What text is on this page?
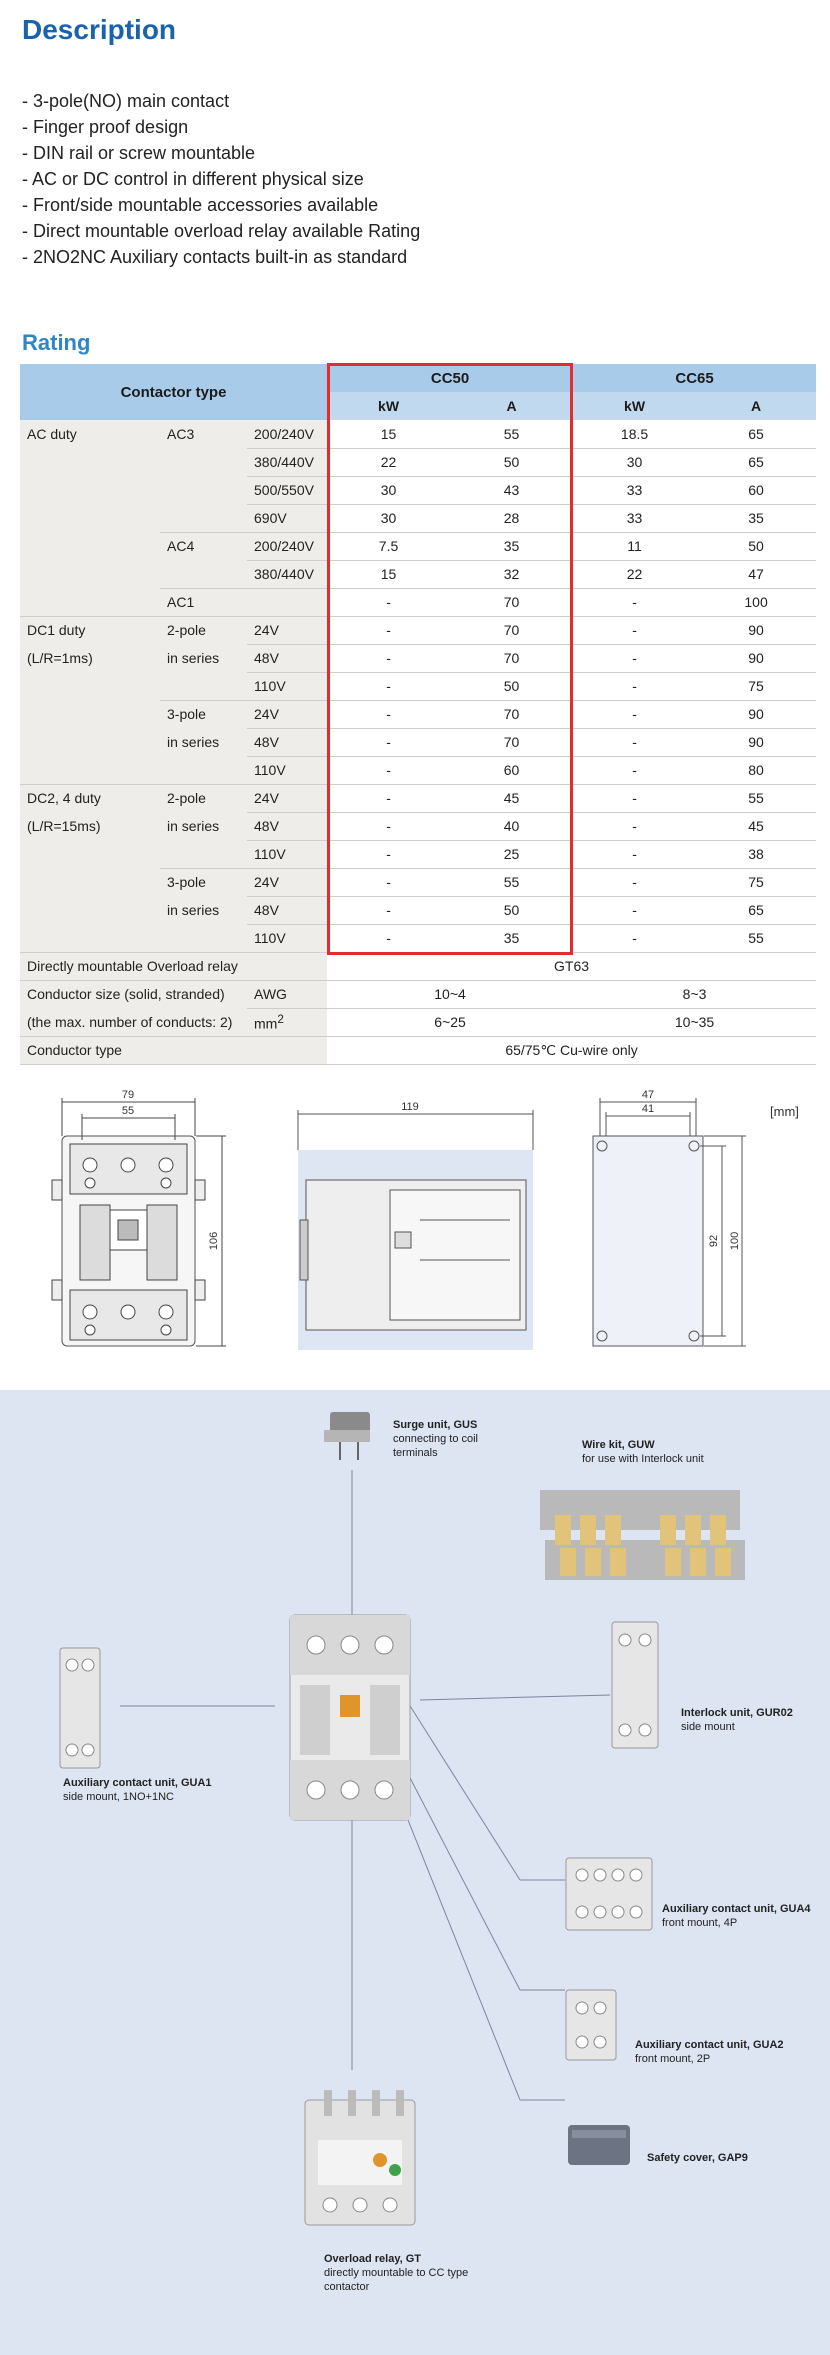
Description
- 3-pole(NO) main contact
- Finger proof design
- DIN rail or screw mountable
- AC or DC control in different physical size
- Front/side mountable accessories available
- Direct mountable overload relay available Rating
- 2NO2NC Auxiliary contacts built-in as standard
Rating
Contactor type			CC50		CC65	
			kW	A	kW	A
AC duty	AC3	200/240V	15	55	18.5	65
		380/440V	22	50	30	65
		500/550V	30	43	33	60
		690V	30	28	33	35
	AC4	200/240V	7.5	35	11	50
		380/440V	15	32	22	47
	AC1		-	70	-	100
DC1 duty	2-pole	24V	-	70	-	90
(L/R=1ms)	in series	48V	-	70	-	90
		110V	-	50	-	75
	3-pole	24V	-	70	-	90
	in series	48V	-	70	-	90
		110V	-	60	-	80
DC2, 4 duty	2-pole	24V	-	45	-	55
(L/R=15ms)	in series	48V	-	40	-	45
		110V	-	25	-	38
	3-pole	24V	-	55	-	75
	in series	48V	-	50	-	65
		110V	-	35	-	55
Directly mountable Overload relay			GT63			
Conductor size (solid, stranded)		AWG	10~4		8~3	
(the max. number of conducts: 2)		$mm^2$	6~25		10~35	
Conductor type			65/75℃ Cu-wire only			
[mm]
79
55
106
119
47
41
92 100
Surge unit, GUS
connecting to coil
terminals
Wire kit, GUW
for use with Interlock unit
Auxiliary contact unit, GUA1
side mount, 1NO+1NC
Interlock unit, GUR02
side mount
Auxiliary contact unit, GUA4
front mount, 4P
Auxiliary contact unit, GUA2
front mount, 2P
Safety cover, GAP9
Overload relay, GT
directly mountable to CC type
contactor
